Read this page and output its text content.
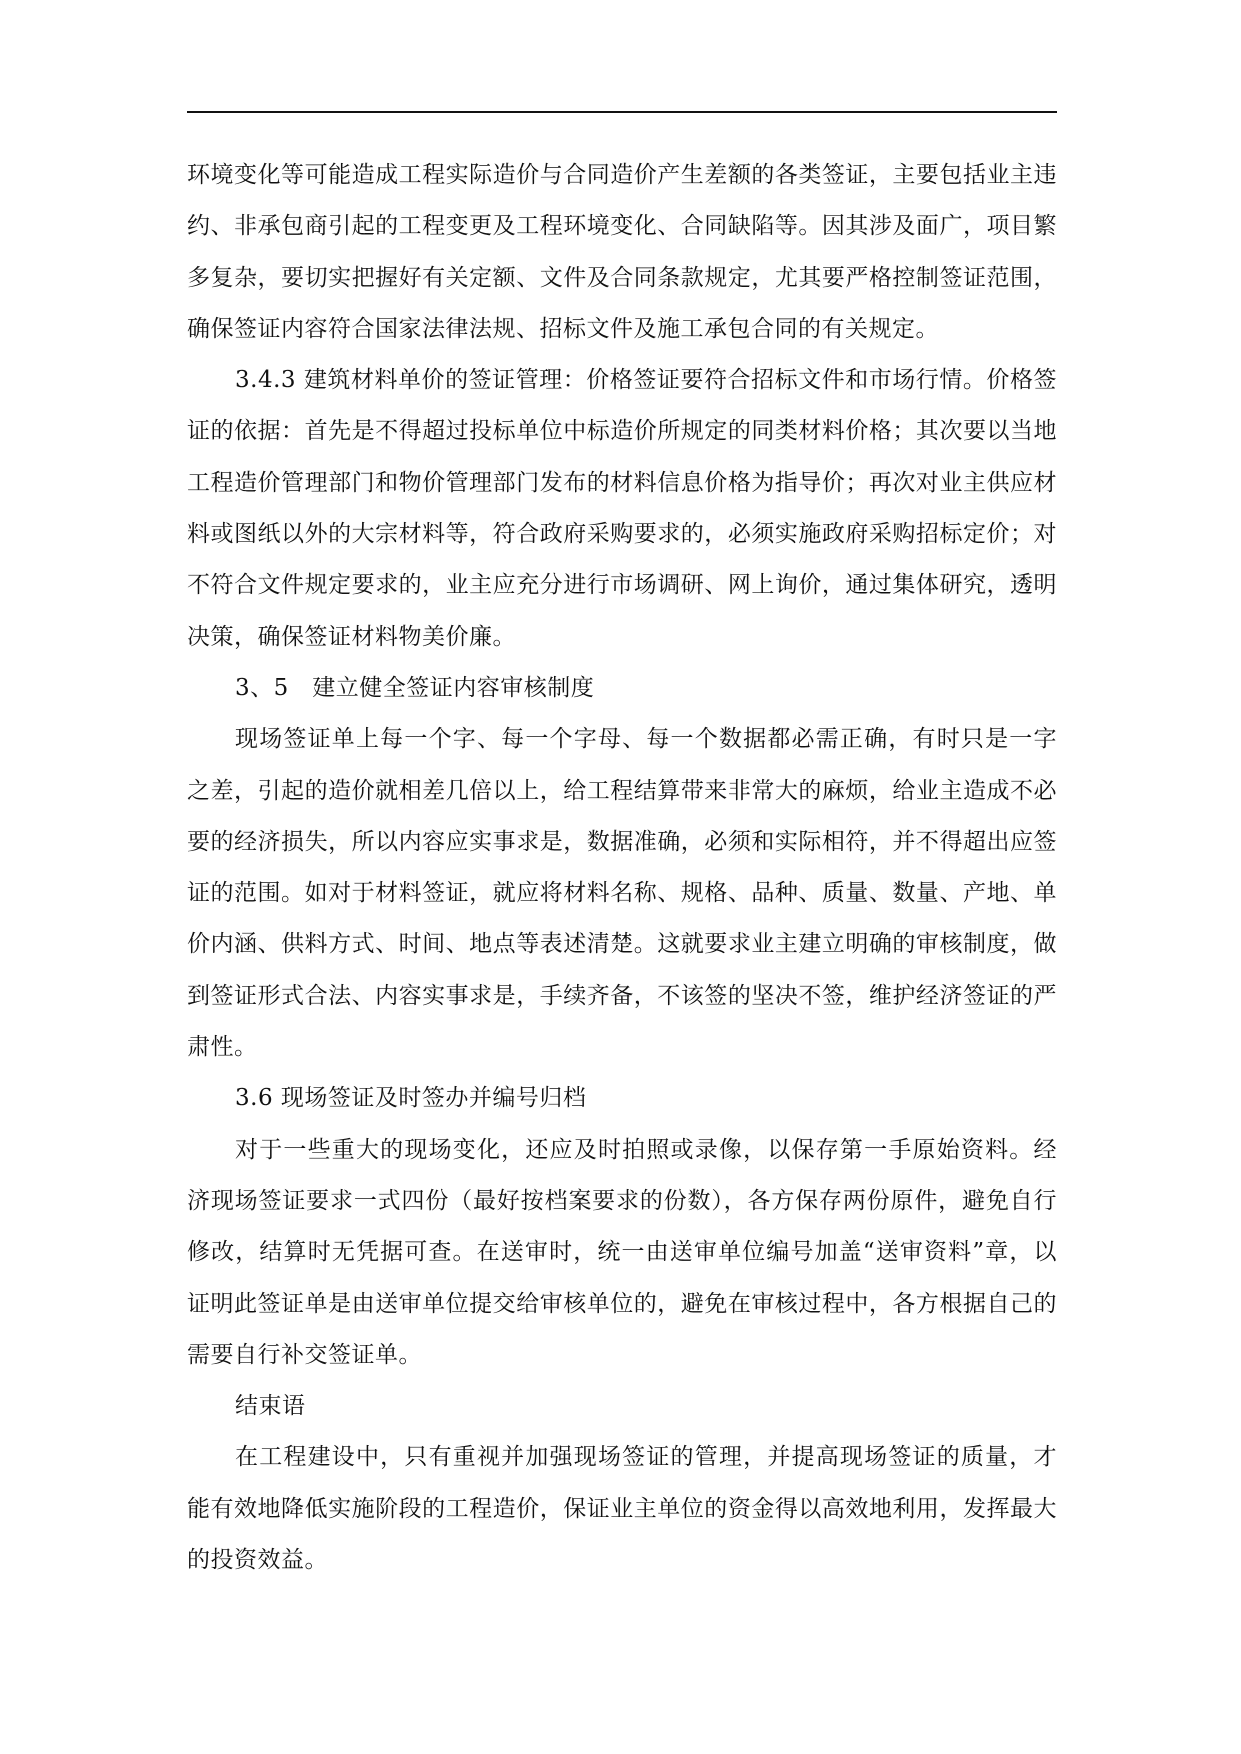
环境变化等可能造成工程实际造价与合同造价产生差额的各类签证，主要包括业主违约、非承包商引起的工程变更及工程环境变化、合同缺陷等。因其涉及面广，项目繁多复杂，要切实把握好有关定额、文件及合同条款规定，尤其要严格控制签证范围，确保签证内容符合国家法律法规、招标文件及施工承包合同的有关规定。

3.4.3 建筑材料单价的签证管理：价格签证要符合招标文件和市场行情。价格签证的依据：首先是不得超过投标单位中标造价所规定的同类材料价格；其次要以当地工程造价管理部门和物价管理部门发布的材料信息价格为指导价；再次对业主供应材料或图纸以外的大宗材料等，符合政府采购要求的，必须实施政府采购招标定价；对不符合文件规定要求的，业主应充分进行市场调研、网上询价，通过集体研究，透明决策，确保签证材料物美价廉。

3、5　建立健全签证内容审核制度

现场签证单上每一个字、每一个字母、每一个数据都必需正确，有时只是一字之差，引起的造价就相差几倍以上，给工程结算带来非常大的麻烦，给业主造成不必要的经济损失，所以内容应实事求是，数据准确，必须和实际相符，并不得超出应签证的范围。如对于材料签证，就应将材料名称、规格、品种、质量、数量、产地、单价内涵、供料方式、时间、地点等表述清楚。这就要求业主建立明确的审核制度，做到签证形式合法、内容实事求是，手续齐备，不该签的坚决不签，维护经济签证的严肃性。

3.6 现场签证及时签办并编号归档

对于一些重大的现场变化，还应及时拍照或录像，以保存第一手原始资料。经济现场签证要求一式四份（最好按档案要求的份数），各方保存两份原件，避免自行修改，结算时无凭据可查。在送审时，统一由送审单位编号加盖“送审资料”章，以证明此签证单是由送审单位提交给审核单位的，避免在审核过程中，各方根据自己的需要自行补交签证单。

结束语

在工程建设中，只有重视并加强现场签证的管理，并提高现场签证的质量，才能有效地降低实施阶段的工程造价，保证业主单位的资金得以高效地利用，发挥最大的投资效益。
